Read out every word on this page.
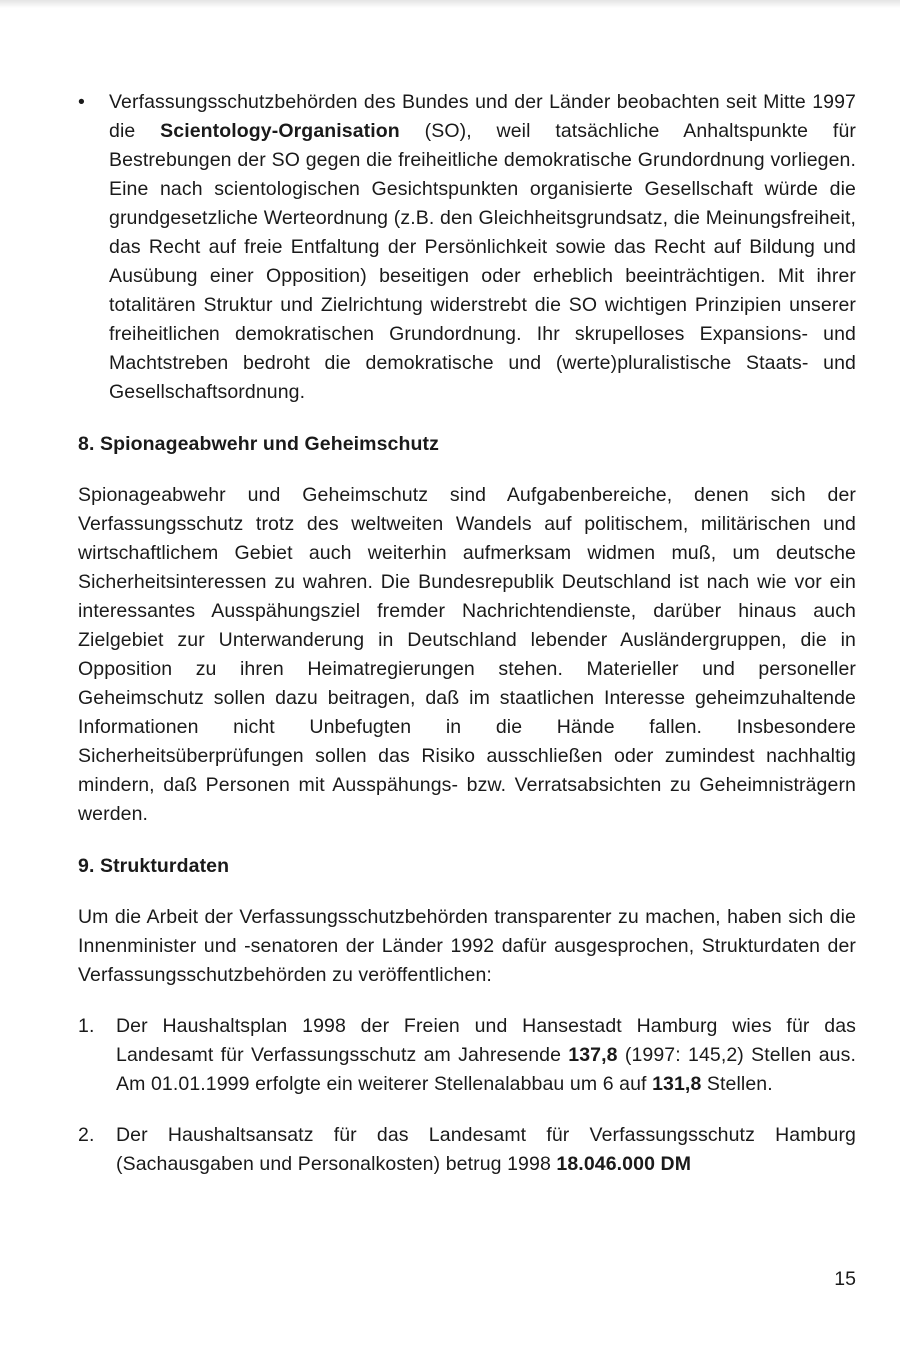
• Verfassungsschutzbehörden des Bundes und der Länder beobachten seit Mitte 1997 die Scientology-Organisation (SO), weil tatsächliche Anhaltspunkte für Bestrebungen der SO gegen die freiheitliche demokratische Grundordnung vorliegen. Eine nach scientologischen Gesichtspunkten organisierte Gesellschaft würde die grundgesetzliche Werteordnung (z.B. den Gleichheitsgrundsatz, die Meinungsfreiheit, das Recht auf freie Entfaltung der Persönlichkeit sowie das Recht auf Bildung und Ausübung einer Opposition) beseitigen oder erheblich beeinträchtigen. Mit ihrer totalitären Struktur und Zielrichtung widerstrebt die SO wichtigen Prinzipien unserer freiheitlichen demokratischen Grundordnung. Ihr skrupelloses Expansions- und Machtstreben bedroht die demokratische und (werte)pluralistische Staats- und Gesellschaftsordnung.

8. Spionageabwehr und Geheimschutz

Spionageabwehr und Geheimschutz sind Aufgabenbereiche, denen sich der Verfassungsschutz trotz des weltweiten Wandels auf politischem, militärischen und wirtschaftlichem Gebiet auch weiterhin aufmerksam widmen muß, um deutsche Sicherheitsinteressen zu wahren. Die Bundesrepublik Deutschland ist nach wie vor ein interessantes Ausspähungsziel fremder Nachrichtendienste, darüber hinaus auch Zielgebiet zur Unterwanderung in Deutschland lebender Ausländergruppen, die in Opposition zu ihren Heimatregierungen stehen. Materieller und personeller Geheimschutz sollen dazu beitragen, daß im staatlichen Interesse geheimzuhaltende Informationen nicht Unbefugten in die Hände fallen. Insbesondere Sicherheitsüberprüfungen sollen das Risiko ausschließen oder zumindest nachhaltig mindern, daß Personen mit Ausspähungs- bzw. Verratsabsichten zu Geheimnisträgern werden.

9. Strukturdaten

Um die Arbeit der Verfassungsschutzbehörden transparenter zu machen, haben sich die Innenminister und -senatoren der Länder 1992 dafür ausgesprochen, Strukturdaten der Verfassungsschutzbehörden zu veröffentlichen:

1. Der Haushaltsplan 1998 der Freien und Hansestadt Hamburg wies für das Landesamt für Verfassungsschutz am Jahresende 137,8 (1997: 145,2) Stellen aus. Am 01.01.1999 erfolgte ein weiterer Stellenalabbau um 6 auf 131,8 Stellen.

2. Der Haushaltsansatz für das Landesamt für Verfassungsschutz Hamburg (Sachausgaben und Personalkosten) betrug 1998 18.046.000 DM

15
